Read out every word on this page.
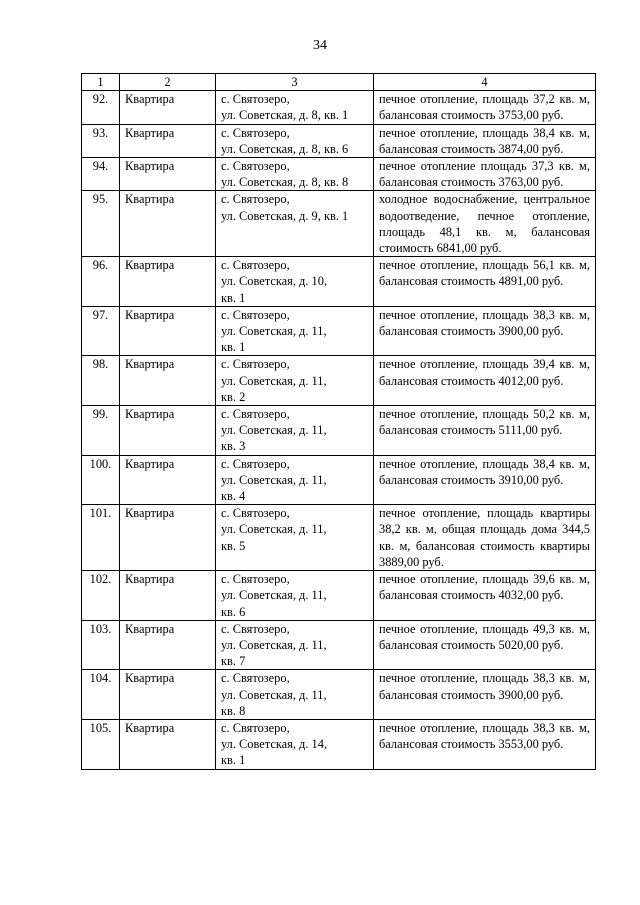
34
1	2	3	4
92.	Квартира	с. Святозеро,
ул. Советская, д. 8, кв. 1	печное отопление, площадь 37,2 кв. м, балансовая стоимость 3753,00 руб.
93.	Квартира	с. Святозеро,
ул. Советская, д. 8, кв. 6	печное отопление, площадь 38,4 кв. м, балансовая стоимость 3874,00 руб.
94.	Квартира	с. Святозеро,
ул. Советская, д. 8, кв. 8	печное отопление площадь 37,3 кв. м, балансовая стоимость 3763,00 руб.
95.	Квартира	с. Святозеро,
ул. Советская, д. 9, кв. 1	холодное водоснабжение, центральное водоотведение, печное отопление, площадь 48,1 кв. м, балансовая стоимость 6841,00 руб.
96.	Квартира	с. Святозеро,
ул. Советская, д. 10,
кв. 1	печное отопление, площадь 56,1 кв. м, балансовая стоимость 4891,00 руб.
97.	Квартира	с. Святозеро,
ул. Советская, д. 11,
кв. 1	печное отопление, площадь 38,3 кв. м, балансовая стоимость 3900,00 руб.
98.	Квартира	с. Святозеро,
ул. Советская, д. 11,
кв. 2	печное отопление, площадь 39,4 кв. м, балансовая стоимость 4012,00 руб.
99.	Квартира	с. Святозеро,
ул. Советская, д. 11,
кв. 3	печное отопление, площадь 50,2 кв. м, балансовая стоимость 5111,00 руб.
100.	Квартира	с. Святозеро,
ул. Советская, д. 11,
кв. 4	печное отопление, площадь 38,4 кв. м, балансовая стоимость 3910,00 руб.
101.	Квартира	с. Святозеро,
ул. Советская, д. 11,
кв. 5	печное отопление, площадь квартиры 38,2 кв. м, общая площадь дома 344,5 кв. м, балансовая стоимость квартиры 3889,00 руб.
102.	Квартира	с. Святозеро,
ул. Советская, д. 11,
кв. 6	печное отопление, площадь 39,6 кв. м, балансовая стоимость 4032,00 руб.
103.	Квартира	с. Святозеро,
ул. Советская, д. 11,
кв. 7	печное отопление, площадь 49,3 кв. м, балансовая стоимость 5020,00 руб.
104.	Квартира	с. Святозеро,
ул. Советская, д. 11,
кв. 8	печное отопление, площадь 38,3 кв. м, балансовая стоимость 3900,00 руб.
105.	Квартира	с. Святозеро,
ул. Советская, д. 14,
кв. 1	печное отопление, площадь 38,3 кв. м, балансовая стоимость 3553,00 руб.
